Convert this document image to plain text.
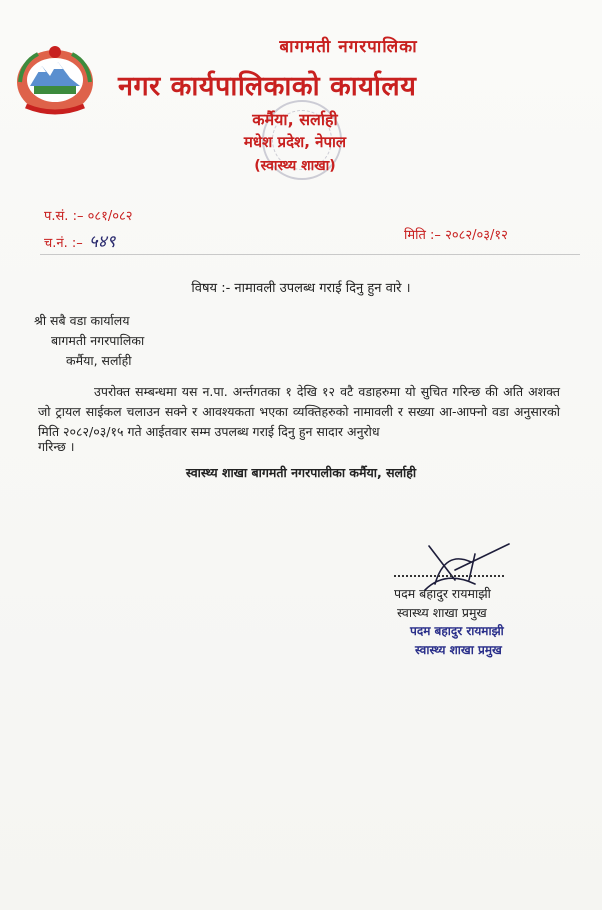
बागमती नगरपालिका
नगर कार्यपालिकाको कार्यालय
कर्मैया, सर्लाही
मधेश प्रदेश, नेपाल
(स्वास्थ्य शाखा)
प.सं. :– ०८१/०८२
च.नं. :– ५४९	मिति :– २०८२/०३/१२
विषय :- नामावली उपलब्ध गराई दिनु हुन वारे ।
श्री सबै वडा कार्यालय
बागमती नगरपालिका
कर्मैया, सर्लाही
उपरोक्त सम्बन्धमा यस न.पा. अर्न्तगतका १ देखि १२ वटै वडाहरुमा यो सुचित गरिन्छ की अति अशक्त जो ट्रायल साईकल चलाउन सक्ने र आवश्यकता भएका व्यक्तिहरुको नामावली र सख्या आ-आफ्नो वडा अनुसारको मिति २०८२/०३/१५ गते आईतवार सम्म उपलब्ध गराई दिनु हुन सादार अनुरोध
गरिन्छ ।
स्वास्थ्य शाखा बागमती नगरपालीका कर्मैया, सर्लाही
पदम बहादुर रायमाझी
स्वास्थ्य शाखा प्रमुख
पदम बहादुर रायमाझी
स्वास्थ्य शाखा प्रमुख
